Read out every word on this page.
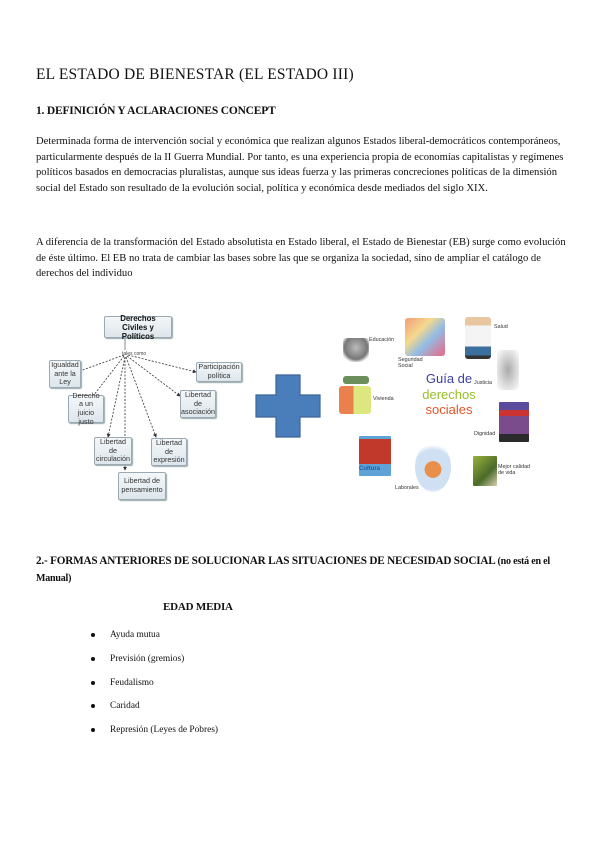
EL ESTADO DE BIENESTAR (EL ESTADO III)
1. DEFINICIÓN Y ACLARACIONES CONCEPT

Determinada forma de intervención social y económica que realizan algunos Estados liberal-democráticos contemporáneos, particularmente después de la II Guerra Mundial. Por tanto, es una experiencia propia de economías capitalistas y regímenes políticos basados en democracias pluralistas, aunque sus ideas fuerza y las primeras concreciones políticas de la dimensión social del Estado son resultado de la evolución social, política y económica desde mediados del siglo XIX.

A diferencia de la transformación del Estado absolutista en Estado liberal, el Estado de Bienestar (EB) surge como evolución de éste último. El EB no trata de cambiar las bases sobre las que se organiza la sociedad, sino de ampliar el catálogo de derechos del individuo

Derechos Civiles y Políticos
tales como
Igualdad ante la Ley
Derecho a un juicio justo
Libertad de circulación
Libertad de pensamiento
Libertad de expresión
Libertad de asociación
Participación política
Educación
Seguridad Social
Salud
Justicia
Guía de
derechos
sociales
Vivienda
Dignidad
Cultura
Laborales
Mejor calidad de vida
2.- FORMAS ANTERIORES DE SOLUCIONAR LAS SITUACIONES DE NECESIDAD SOCIAL (no está en el Manual)
EDAD MEDIA
Ayuda mutua
Previsión (gremios)
Feudalismo
Caridad
Represión (Leyes de Pobres)
